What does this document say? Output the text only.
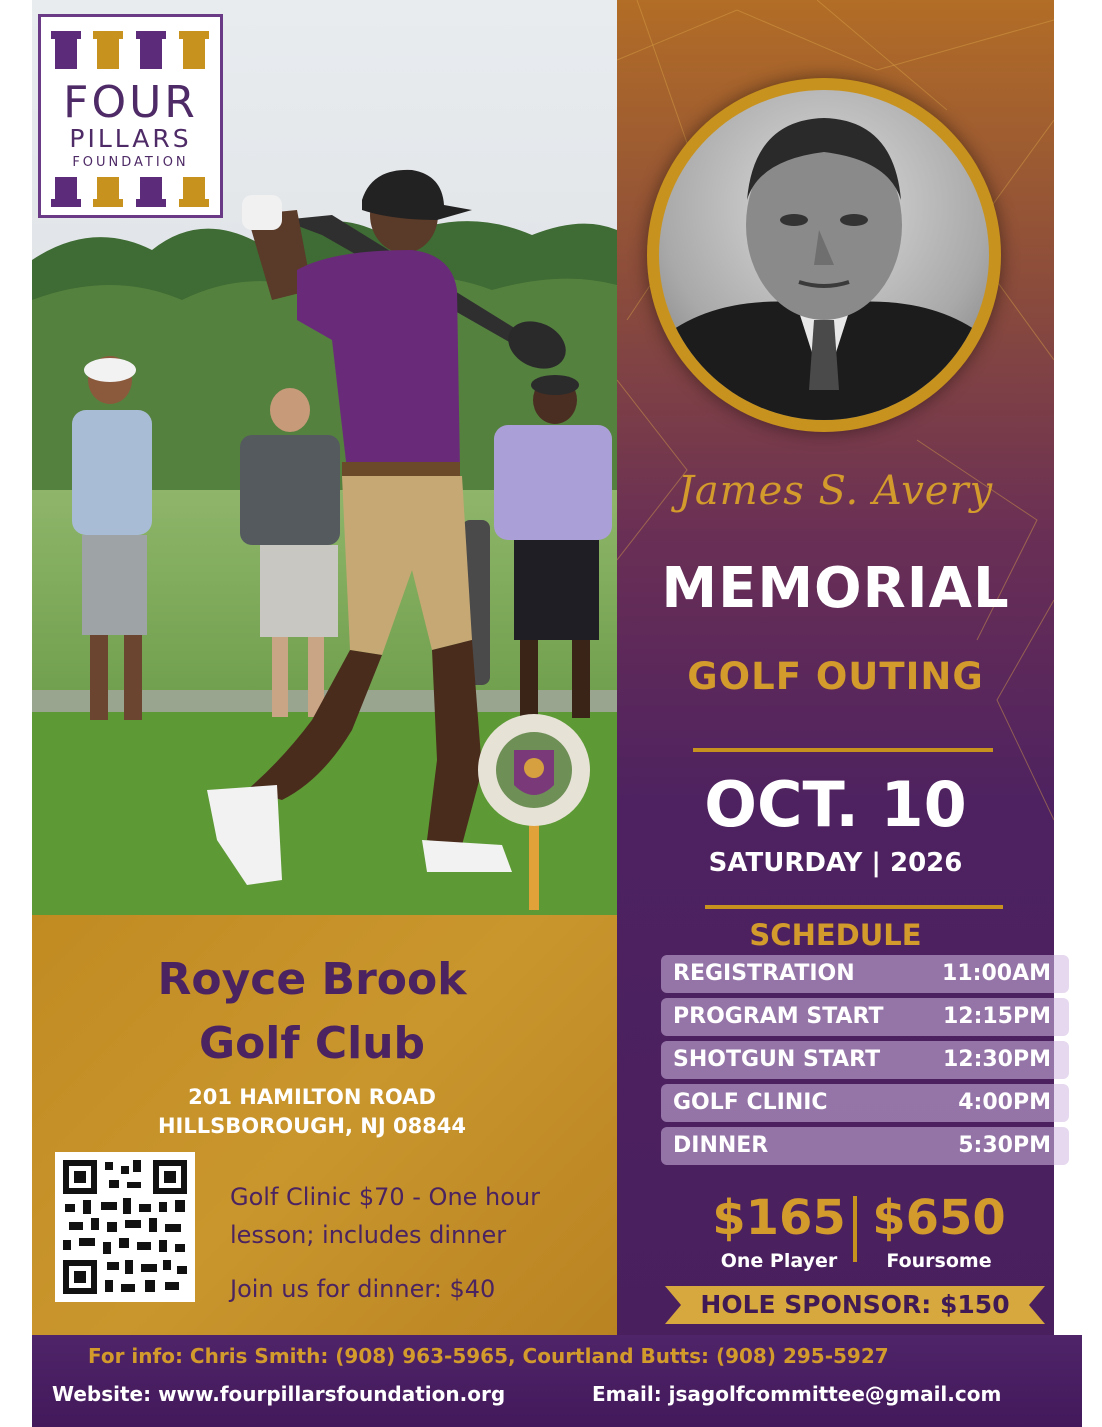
FOUR
PILLARS
FOUNDATION
James S. Avery
MEMORIAL
GOLF OUTING
OCT. 10
SATURDAY | 2026
SCHEDULE
REGISTRATION	11:00AM
PROGRAM START	12:15PM
SHOTGUN START	12:30PM
GOLF CLINIC	4:00PM
DINNER	5:30PM
$165
One Player
$650
Foursome
HOLE SPONSOR: $150
Royce Brook
Golf Club
201 HAMILTON ROAD
HILLSBOROUGH, NJ 08844
Golf Clinic $70 - One hour lesson; includes dinner
Join us for dinner: $40
For info: Chris Smith: (908) 963-5965, Courtland Butts: (908) 295-5927
Website: www.fourpillarsfoundation.org	Email: jsagolfcommittee@gmail.com
